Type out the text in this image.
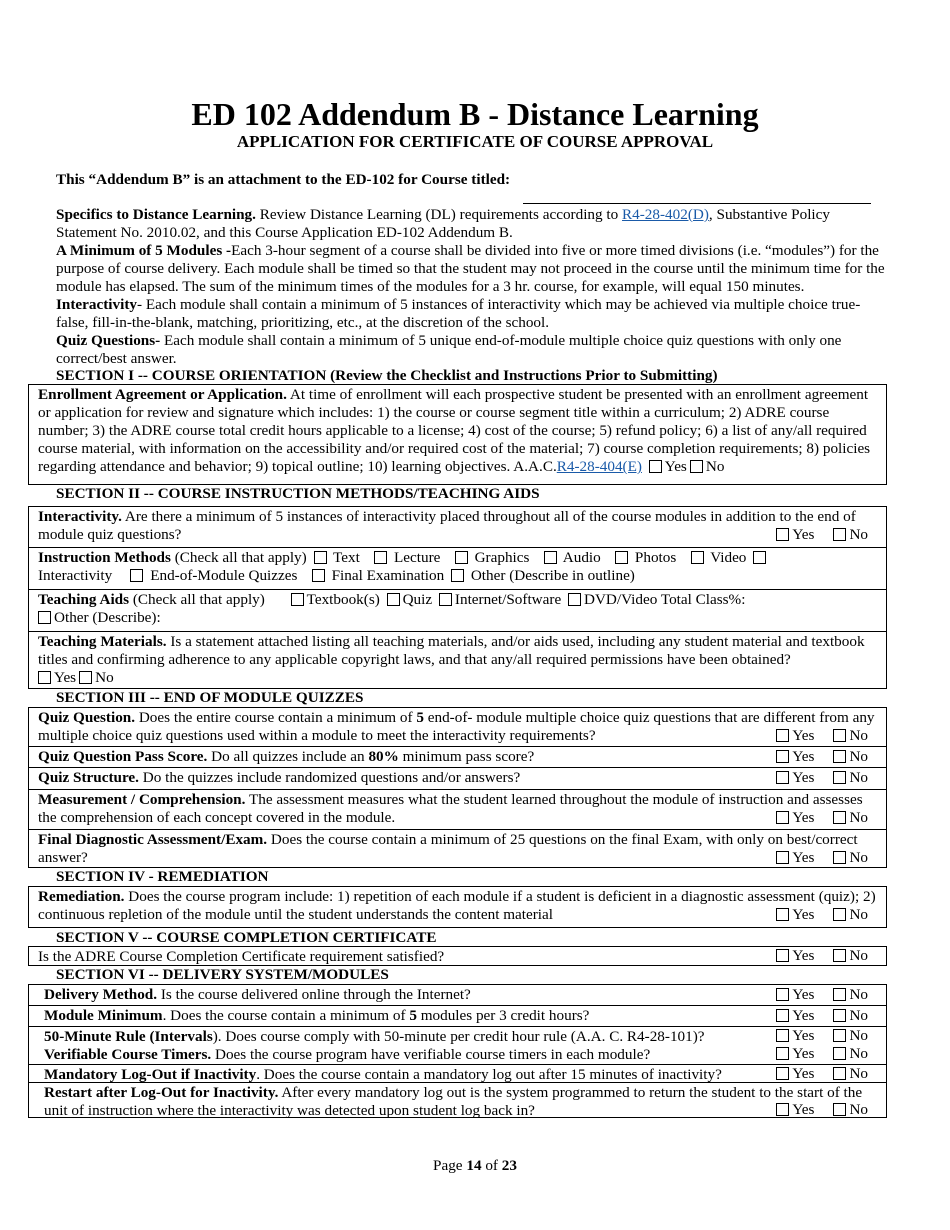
ED 102 Addendum B - Distance Learning
APPLICATION FOR CERTIFICATE OF COURSE APPROVAL
This “Addendum B” is an attachment to the ED-102 for Course titled:
Specifics to Distance Learning. Review Distance Learning (DL) requirements according to R4-28-402(D), Substantive Policy Statement No. 2010.02, and this Course Application ED-102 Addendum B.
A Minimum of 5 Modules -Each 3-hour segment of a course shall be divided into five or more timed divisions (i.e. “modules”) for the purpose of course delivery. Each module shall be timed so that the student may not proceed in the course until the minimum time for the module has elapsed. The sum of the minimum times of the modules for a 3 hr. course, for example, will equal 150 minutes.
Interactivity- Each module shall contain a minimum of 5 instances of interactivity which may be achieved via multiple choice true-false, fill-in-the-blank, matching, prioritizing, etc., at the discretion of the school.
Quiz Questions- Each module shall contain a minimum of 5 unique end-of-module multiple choice quiz questions with only one correct/best answer.
SECTION I -- COURSE ORIENTATION (Review the Checklist and Instructions Prior to Submitting)
Enrollment Agreement or Application. At time of enrollment will each prospective student be presented with an enrollment agreement or application for review and signature which includes: 1) the course or course segment title within a curriculum; 2) ADRE course number; 3) the ADRE course total credit hours applicable to a license; 4) cost of the course; 5) refund policy; 6) a list of any/all required course material, with information on the accessibility and/or required cost of the material; 7) course completion requirements; 8) policies regarding attendance and behavior; 9) topical outline; 10) learning objectives. A.A.C.R4-28-404(E) Yes No
SECTION II -- COURSE INSTRUCTION METHODS/TEACHING AIDS
Interactivity. Are there a minimum of 5 instances of interactivity placed throughout all of the course modules in addition to the end of module quiz questions?	Yes No
Instruction Methods (Check all that apply) Text Lecture Graphics Audio Photos Video
Interactivity End-of-Module Quizzes Final Examination Other (Describe in outline)
Teaching Aids (Check all that apply)	Textbook(s) Quiz Internet/Software DVD/Video Total Class%:
Other (Describe):
Teaching Materials. Is a statement attached listing all teaching materials, and/or aids used, including any student material and textbook titles and confirming adherence to any applicable copyright laws, and that any/all required permissions have been obtained?
Yes No
SECTION III -- END OF MODULE QUIZZES
Quiz Question. Does the entire course contain a minimum of 5 end-of- module multiple choice quiz questions that are different from any multiple choice quiz questions used within a module to meet the interactivity requirements?	Yes No
Quiz Question Pass Score. Do all quizzes include an 80% minimum pass score?	Yes No
Quiz Structure. Do the quizzes include randomized questions and/or answers?	Yes No
Measurement / Comprehension. The assessment measures what the student learned throughout the module of instruction and assesses the comprehension of each concept covered in the module.	Yes No
Final Diagnostic Assessment/Exam. Does the course contain a minimum of 25 questions on the final Exam, with only on best/correct answer?	Yes No
SECTION IV - REMEDIATION
Remediation. Does the course program include: 1) repetition of each module if a student is deficient in a diagnostic assessment (quiz); 2) continuous repletion of the module until the student understands the content material	Yes No
SECTION V -- COURSE COMPLETION CERTIFICATE
Is the ADRE Course Completion Certificate requirement satisfied?	Yes No
SECTION VI -- DELIVERY SYSTEM/MODULES
Delivery Method. Is the course delivered online through the Internet?	Yes No
Module Minimum. Does the course contain a minimum of 5 modules per 3 credit hours?	Yes No
50-Minute Rule (Intervals). Does course comply with 50-minute per credit hour rule (A.A. C. R4-28-101)?	Yes No
Verifiable Course Timers. Does the course program have verifiable course timers in each module?	Yes No
Mandatory Log-Out if Inactivity. Does the course contain a mandatory log out after 15 minutes of inactivity?	Yes No
Restart after Log-Out for Inactivity. After every mandatory log out is the system programmed to return the student to the start of the unit of instruction where the interactivity was detected upon student log back in?	Yes No
Page 14 of 23
